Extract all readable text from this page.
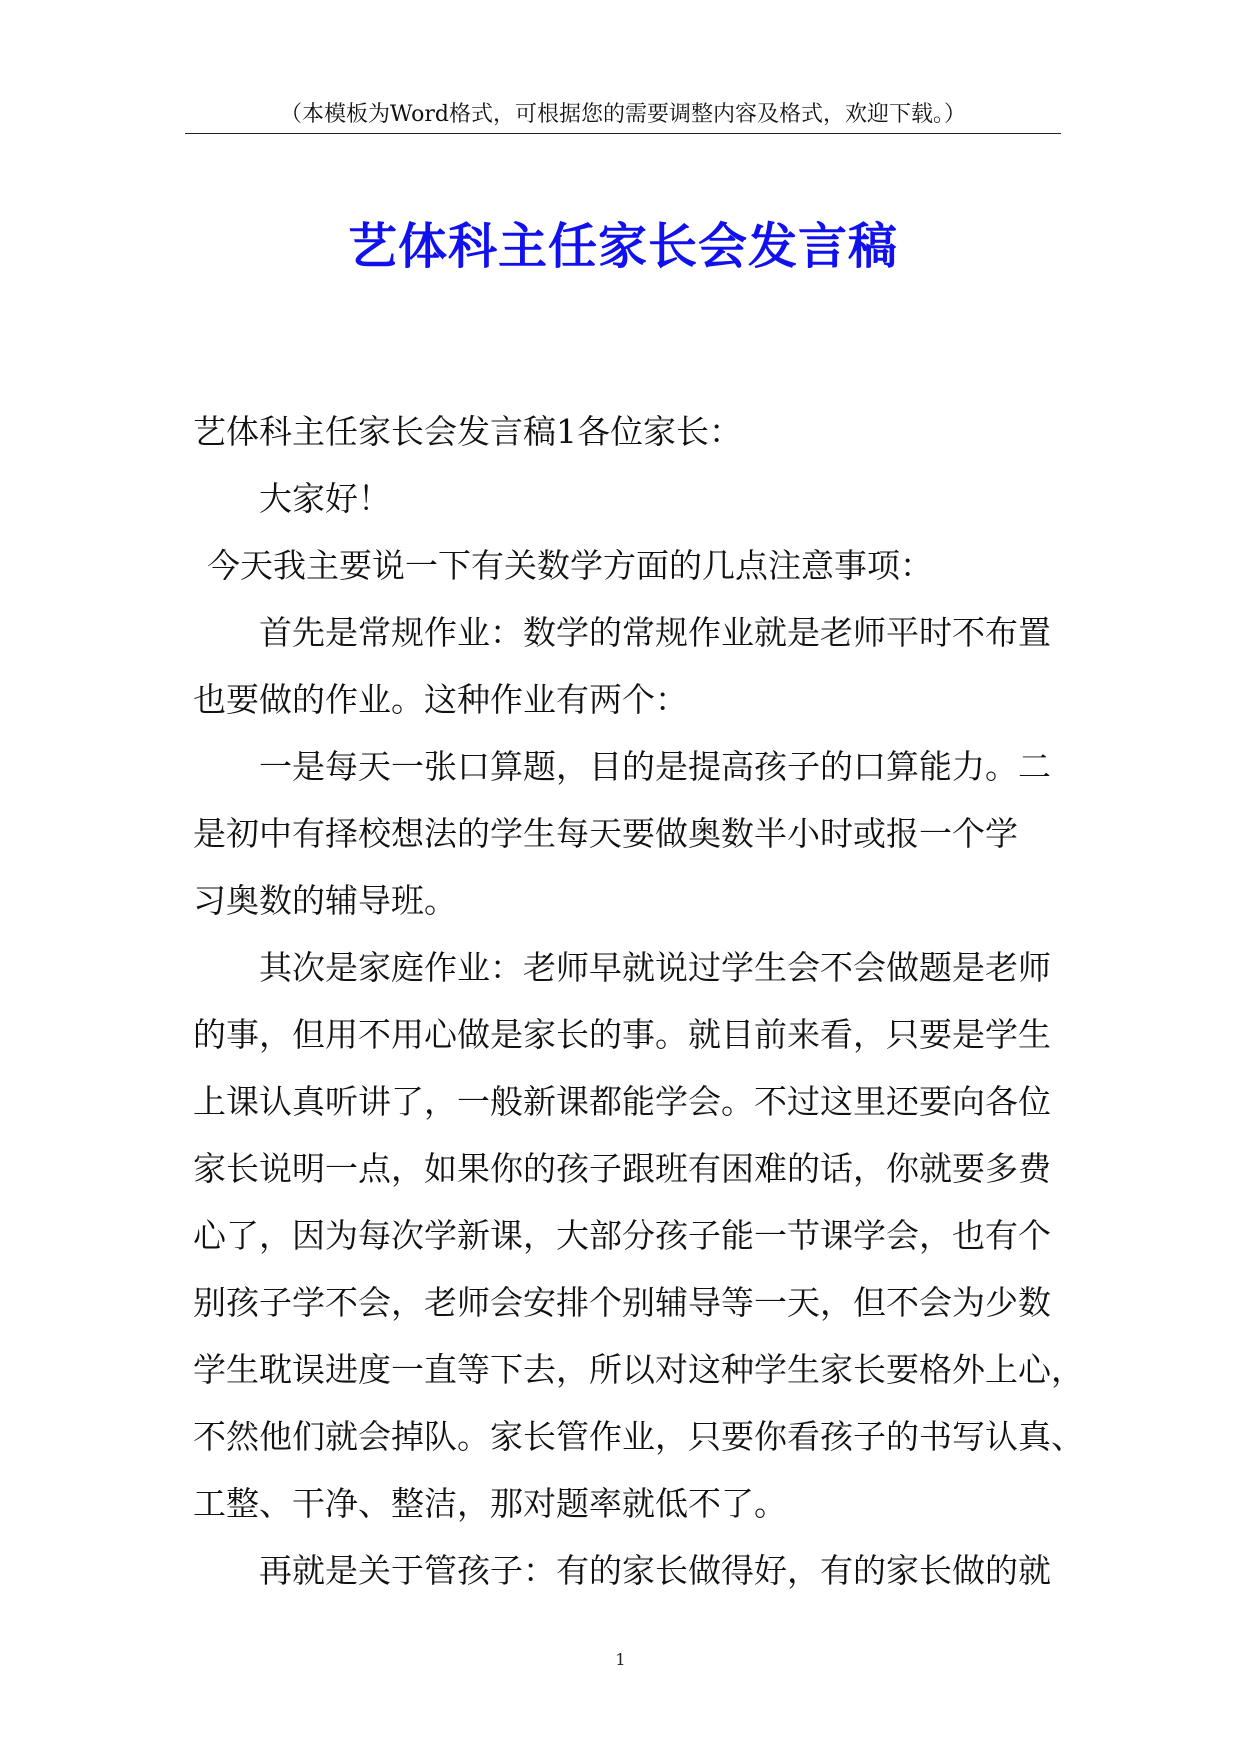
（本模板为Word格式，可根据您的需要调整内容及格式，欢迎下载。）
艺体科主任家长会发言稿
艺体科主任家长会发言稿1各位家长：
大家好！
今天我主要说一下有关数学方面的几点注意事项：
首先是常规作业：数学的常规作业就是老师平时不布置
也要做的作业。这种作业有两个：
一是每天一张口算题，目的是提高孩子的口算能力。二
是初中有择校想法的学生每天要做奥数半小时或报一个学
习奥数的辅导班。
其次是家庭作业：老师早就说过学生会不会做题是老师
的事，但用不用心做是家长的事。就目前来看，只要是学生
上课认真听讲了，一般新课都能学会。不过这里还要向各位
家长说明一点，如果你的孩子跟班有困难的话，你就要多费
心了，因为每次学新课，大部分孩子能一节课学会，也有个
别孩子学不会，老师会安排个别辅导等一天，但不会为少数
学生耽误进度一直等下去，所以对这种学生家长要格外上心，
不然他们就会掉队。家长管作业，只要你看孩子的书写认真、
工整、干净、整洁，那对题率就低不了。
再就是关于管孩子：有的家长做得好，有的家长做的就
1
